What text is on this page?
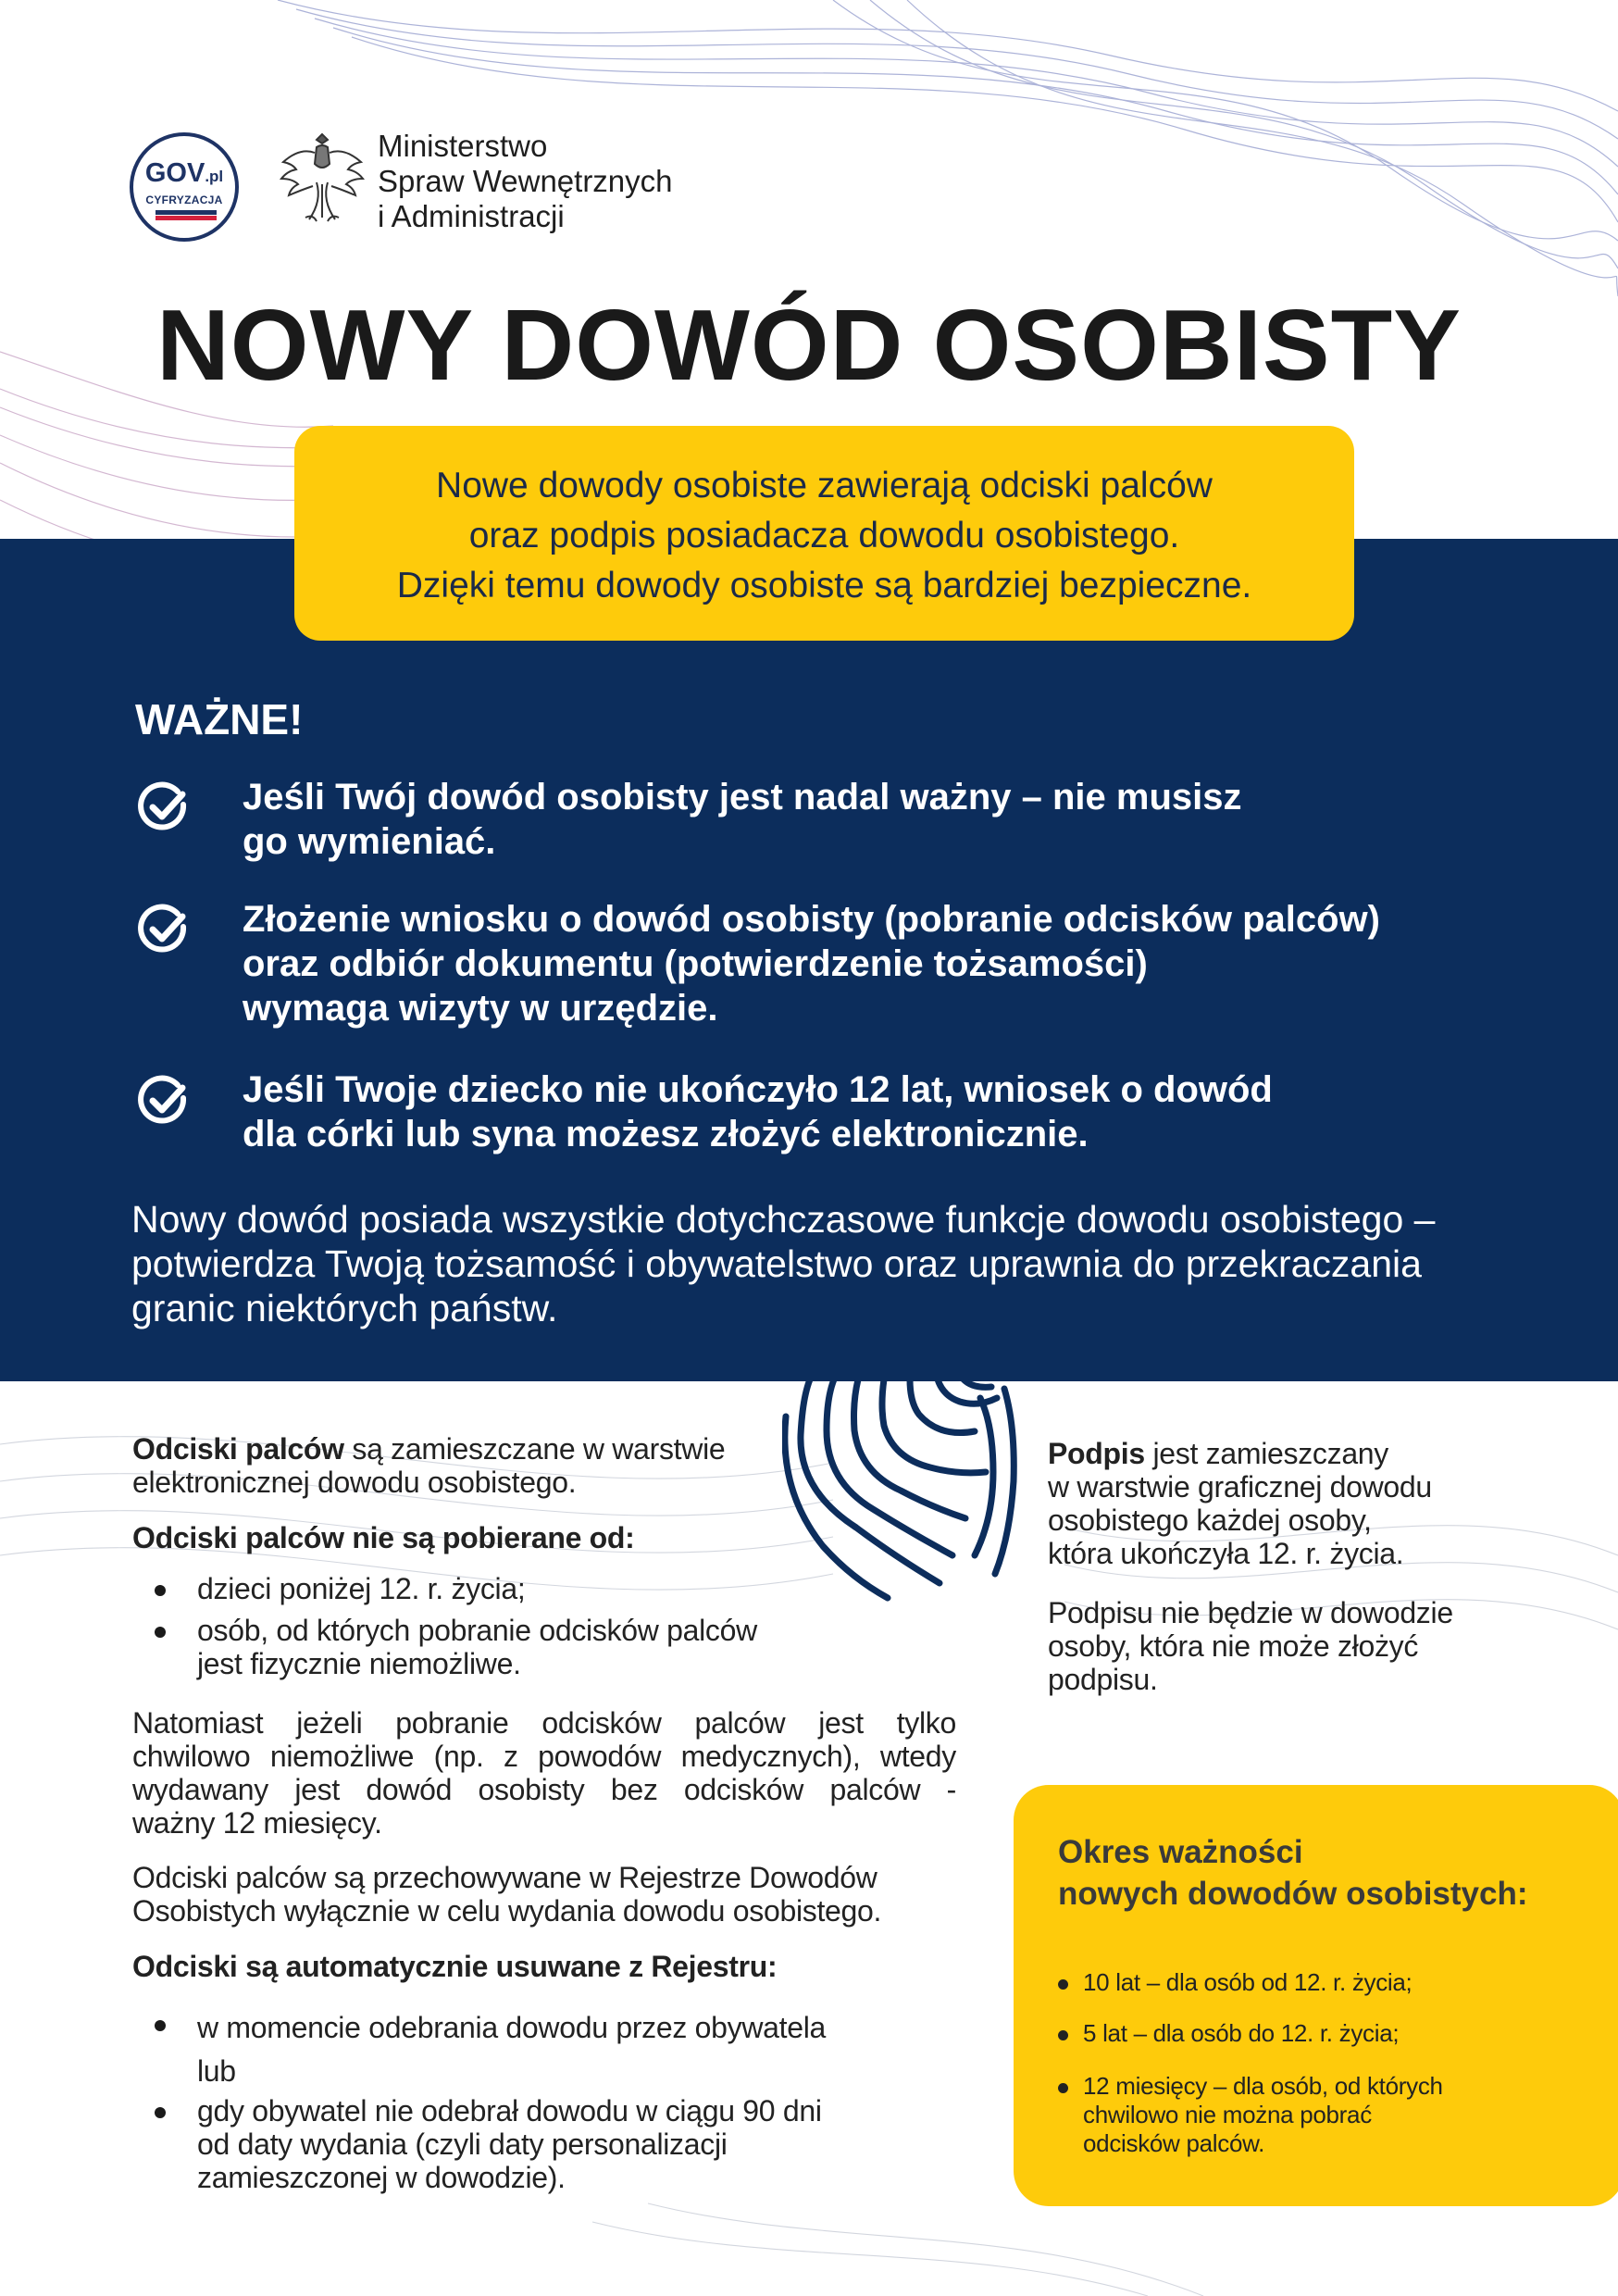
GOV.pl
CYFRYZACJA
Ministerstwo
Spraw Wewnętrznych
i Administracji
NOWY DOWÓD OSOBISTY
Nowe dowody osobiste zawierają odciski palców
oraz podpis posiadacza dowodu osobistego.
Dzięki temu dowody osobiste są bardziej bezpieczne.
WAŻNE!
Jeśli Twój dowód osobisty jest nadal ważny – nie musisz
go wymieniać.
Złożenie wniosku o dowód osobisty (pobranie odcisków palców)
oraz odbiór dokumentu (potwierdzenie tożsamości)
wymaga wizyty w urzędzie.
Jeśli Twoje dziecko nie ukończyło 12 lat, wniosek o dowód
dla córki lub syna możesz złożyć elektronicznie.
Nowy dowód posiada wszystkie dotychczasowe funkcje dowodu osobistego –
potwierdza Twoją tożsamość i obywatelstwo oraz uprawnia do przekraczania
granic niektórych państw.
Odciski palców są zamieszczane w warstwie
elektronicznej dowodu osobistego.
Odciski palców nie są pobierane od:
dzieci poniżej 12. r. życia;
osób, od których pobranie odcisków palców
jest fizycznie niemożliwe.
Natomiast jeżeli pobranie odcisków palców jest tylko
chwilowo niemożliwe (np. z powodów medycznych), wtedy
wydawany jest dowód osobisty bez odcisków palców -
ważny 12 miesięcy.
Odciski palców są przechowywane w Rejestrze Dowodów
Osobistych wyłącznie w celu wydania dowodu osobistego.
Odciski są automatycznie usuwane z Rejestru:
w momencie odebrania dowodu przez obywatela
lub
gdy obywatel nie odebrał dowodu w ciągu 90 dni
od daty wydania (czyli daty personalizacji
zamieszczonej w dowodzie).
Podpis jest zamieszczany
w warstwie graficznej dowodu
osobistego każdej osoby,
która ukończyła 12. r. życia.
Podpisu nie będzie w dowodzie
osoby, która nie może złożyć
podpisu.
Okres ważności
nowych dowodów osobistych:
10 lat – dla osób od 12. r. życia;
5 lat – dla osób do 12. r. życia;
12 miesięcy – dla osób, od których
chwilowo nie można pobrać
odcisków palców.
